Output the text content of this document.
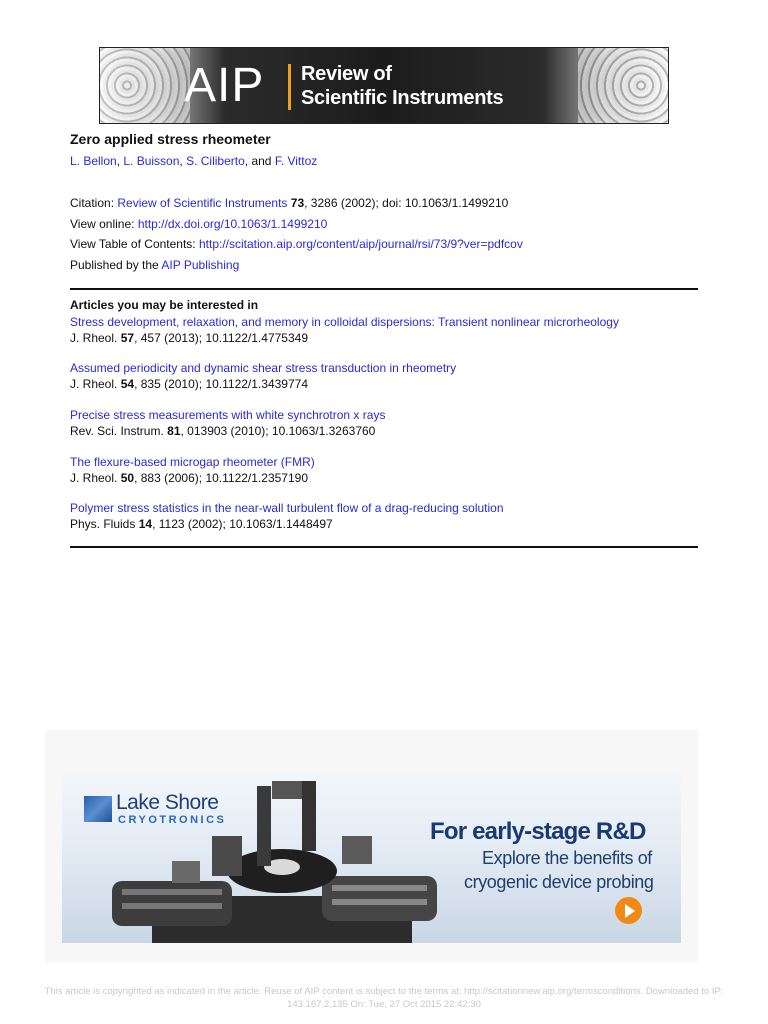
AIP Review of
Scientific Instruments
Zero applied stress rheometer
L. Bellon, L. Buisson, S. Ciliberto, and F. Vittoz
Citation: Review of Scientific Instruments 73, 3286 (2002); doi: 10.1063/1.1499210
View online: http://dx.doi.org/10.1063/1.1499210
View Table of Contents: http://scitation.aip.org/content/aip/journal/rsi/73/9?ver=pdfcov
Published by the AIP Publishing
Articles you may be interested in
Stress development, relaxation, and memory in colloidal dispersions: Transient nonlinear microrheology
J. Rheol. 57, 457 (2013); 10.1122/1.4775349
Assumed periodicity and dynamic shear stress transduction in rheometry
J. Rheol. 54, 835 (2010); 10.1122/1.3439774
Precise stress measurements with white synchrotron x rays
Rev. Sci. Instrum. 81, 013903 (2010); 10.1063/1.3263760
The flexure-based microgap rheometer (FMR)
J. Rheol. 50, 883 (2006); 10.1122/1.2357190
Polymer stress statistics in the near-wall turbulent flow of a drag-reducing solution
Phys. Fluids 14, 1123 (2002); 10.1063/1.1448497
Lake Shore
CRYOTRONICS	For early-stage R&D
Explore the benefits of
cryogenic device probing
This article is copyrighted as indicated in the article. Reuse of AIP content is subject to the terms at: http://scitationnew.aip.org/termsconditions. Downloaded to IP:
143.167.2.135 On: Tue, 27 Oct 2015 22:42:30
